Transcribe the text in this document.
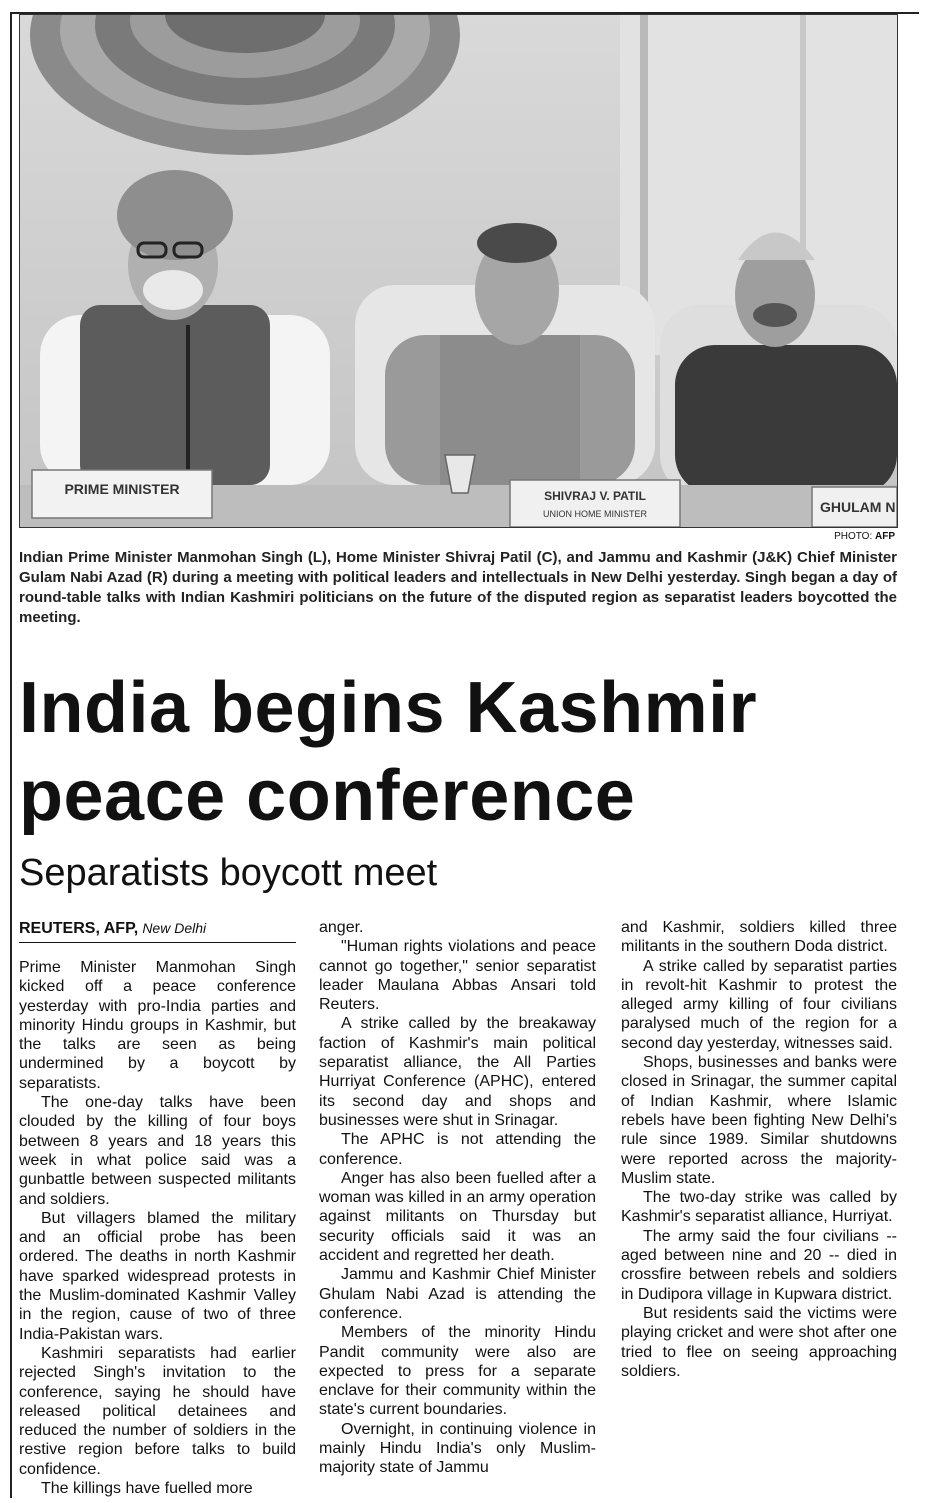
PRIME MINISTER	SHIVRAJ V. PATIL
UNION HOME MINISTER	GHULAM N
PHOTO: AFP
Indian Prime Minister Manmohan Singh (L), Home Minister Shivraj Patil (C), and Jammu and Kashmir (J&K) Chief Minister Gulam Nabi Azad (R) during a meeting with political leaders and intellectuals in New Delhi yesterday. Singh began a day of round-table talks with Indian Kashmiri politicians on the future of the disputed region as separatist leaders boycotted the meeting.
India begins Kashmir
peace conference
Separatists boycott meet
REUTERS, AFP, New Delhi

Prime Minister Manmohan Singh kicked off a peace conference yesterday with pro-India parties and minority Hindu groups in Kashmir, but the talks are seen as being undermined by a boycott by separatists.

The one-day talks have been clouded by the killing of four boys between 8 years and 18 years this week in what police said was a gunbattle between suspected militants and soldiers.

But villagers blamed the military and an official probe has been ordered. The deaths in north Kashmir have sparked widespread protests in the Muslim-dominated Kashmir Valley in the region, cause of two of three India-Pakistan wars.

Kashmiri separatists had earlier rejected Singh's invitation to the conference, saying he should have released political detainees and reduced the number of soldiers in the restive region before talks to build confidence.

The killings have fuelled more

anger.

"Human rights violations and peace cannot go together," senior separatist leader Maulana Abbas Ansari told Reuters.

A strike called by the breakaway faction of Kashmir's main political separatist alliance, the All Parties Hurriyat Conference (APHC), entered its second day and shops and businesses were shut in Srinagar.

The APHC is not attending the conference.

Anger has also been fuelled after a woman was killed in an army operation against militants on Thursday but security officials said it was an accident and regretted her death.

Jammu and Kashmir Chief Minister Ghulam Nabi Azad is attending the conference.

Members of the minority Hindu Pandit community were also are expected to press for a separate enclave for their community within the state's current boundaries.

Overnight, in continuing violence in mainly Hindu India's only Muslim-majority state of Jammu

and Kashmir, soldiers killed three militants in the southern Doda district.

A strike called by separatist parties in revolt-hit Kashmir to protest the alleged army killing of four civilians paralysed much of the region for a second day yesterday, witnesses said.

Shops, businesses and banks were closed in Srinagar, the summer capital of Indian Kashmir, where Islamic rebels have been fighting New Delhi's rule since 1989. Similar shutdowns were reported across the majority-Muslim state.

The two-day strike was called by Kashmir's separatist alliance, Hurriyat.

The army said the four civilians -- aged between nine and 20 -- died in crossfire between rebels and soldiers in Dudipora village in Kupwara district.

But residents said the victims were playing cricket and were shot after one tried to flee on seeing approaching soldiers.
